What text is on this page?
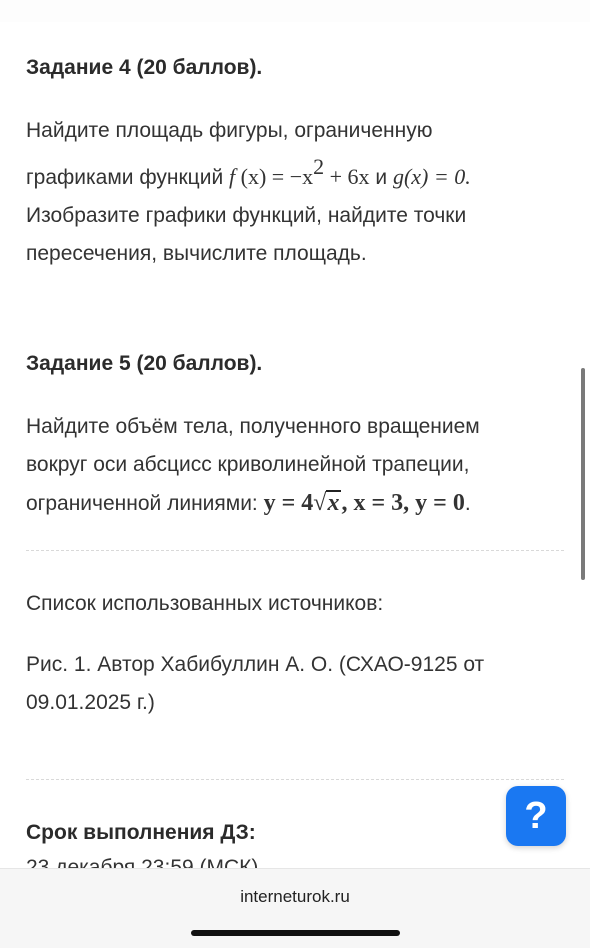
Задание 4 (20 баллов).
Найдите площадь фигуры, ограниченную
графиками функций f $(x) = -x^2 + 6x$ и g(x) = 0.
Изобразите графики функций, найдите точки
пересечения, вычислите площадь.
Задание 5 (20 баллов).
Найдите объём тела, полученного вращением
вокруг оси абсцисс криволинейной трапеции,
ограниченной линиями: y = 4√x, x = 3, y = 0.

Список использованных источников:

Рис. 1. Автор Хабибуллин А. О. (СХАО-9125 от
09.01.2025 г.)

Срок выполнения ДЗ:	?
interneturok.ru
